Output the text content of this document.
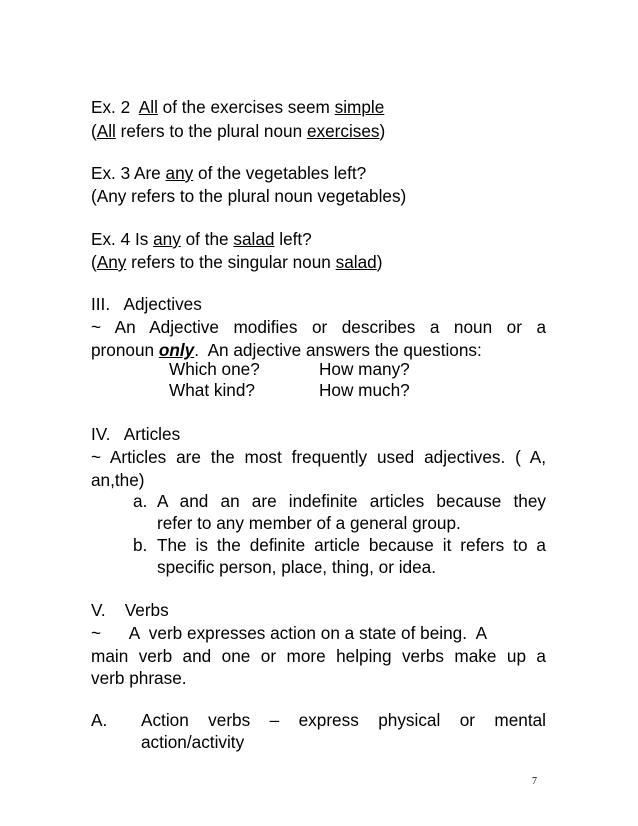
Ex. 2 All of the exercises seem simple
(All refers to the plural noun exercises)
Ex. 3 Are any of the vegetables left?
(Any refers to the plural noun vegetables)
Ex. 4 Is any of the salad left?
(Any refers to the singular noun salad)
III.   Adjectives
~ An Adjective modifies or describes a noun or a
pronoun only.  An adjective answers the questions:
Which one?	How many?
What kind?	How much?
IV.   Articles
~ Articles are the most frequently used adjectives. ( A,
an,the)
a. A and an are indefinite articles because they
refer to any member of a general group.
b. The is the definite article because it refers to a
specific person, place, thing, or idea.
V.    Verbs
~      A  verb expresses action on a state of being.  A
main verb and one or more helping verbs make up a
verb phrase.
A.	Action  verbs  –  express  physical  or  mental
action/activity
7
